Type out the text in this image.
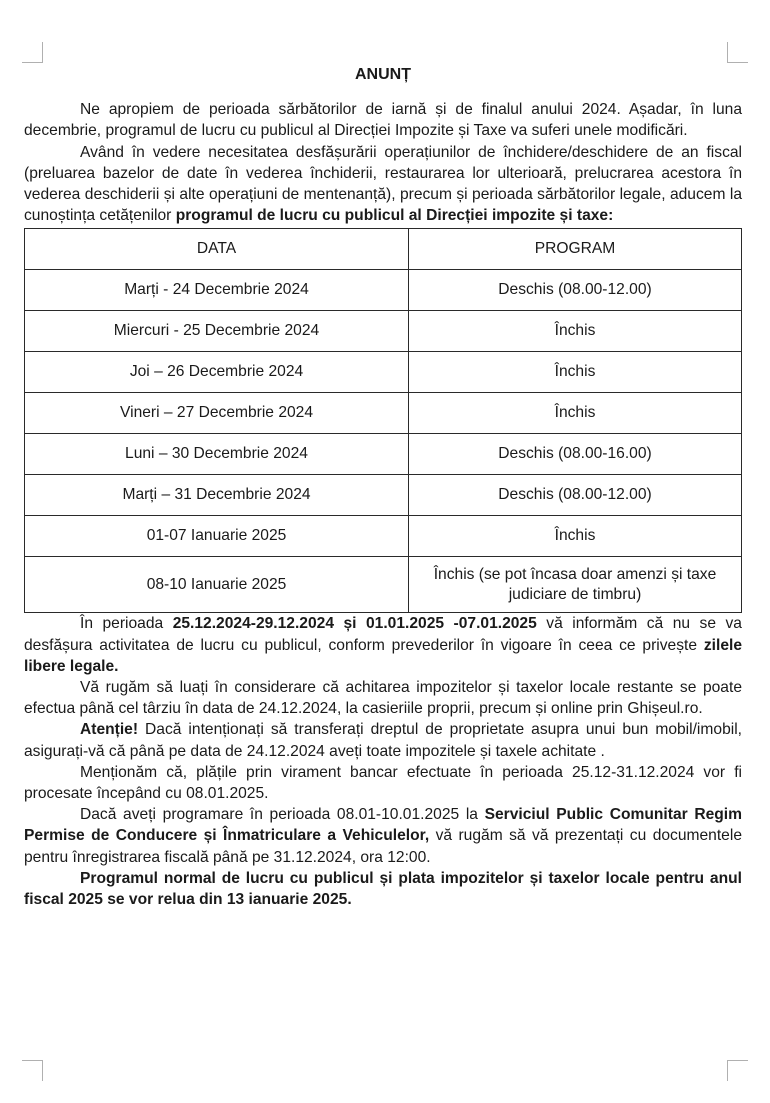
ANUNȚ

Ne apropiem de perioada sărbătorilor de iarnă și de finalul anului 2024. Așadar, în luna decembrie, programul de lucru cu publicul al Direcției Impozite și Taxe va suferi unele modificări.

Având în vedere necesitatea desfășurării operațiunilor de închidere/deschidere de an fiscal (preluarea bazelor de date în vederea închiderii, restaurarea lor ulterioară, prelucrarea acestora în vederea deschiderii și alte operațiuni de mentenanță), precum și perioada sărbătorilor legale, aducem la cunoștința cetățenilor programul de lucru cu publicul al Direcției impozite și taxe:

DATA	PROGRAM
Marți - 24 Decembrie 2024	Deschis (08.00-12.00)
Miercuri - 25 Decembrie 2024	Închis
Joi – 26 Decembrie 2024	Închis
Vineri – 27 Decembrie 2024	Închis
Luni – 30 Decembrie 2024	Deschis (08.00-16.00)
Marți – 31 Decembrie 2024	Deschis (08.00-12.00)
01-07 Ianuarie 2025	Închis
08-10 Ianuarie 2025	Închis (se pot încasa doar amenzi și taxe judiciare de timbru)

În perioada 25.12.2024-29.12.2024 și 01.01.2025 -07.01.2025 vă informăm că nu se va desfășura activitatea de lucru cu publicul, conform prevederilor în vigoare în ceea ce privește zilele libere legale.

Vă rugăm să luați în considerare că achitarea impozitelor și taxelor locale restante se poate efectua până cel târziu în data de 24.12.2024, la casieriile proprii, precum și online prin Ghișeul.ro.

Atenție! Dacă intenționați să transferați dreptul de proprietate asupra unui bun mobil/imobil, asigurați-vă că până pe data de 24.12.2024 aveți toate impozitele și taxele achitate .

Menționăm că, plățile prin virament bancar efectuate în perioada 25.12-31.12.2024 vor fi procesate începând cu 08.01.2025.

Dacă aveți programare în perioada 08.01-10.01.2025 la Serviciul Public Comunitar Regim Permise de Conducere și Înmatriculare a Vehiculelor, vă rugăm să vă prezentați cu documentele pentru înregistrarea fiscală până pe 31.12.2024, ora 12:00.

Programul normal de lucru cu publicul și plata impozitelor și taxelor locale pentru anul fiscal 2025 se vor relua din 13 ianuarie 2025.
